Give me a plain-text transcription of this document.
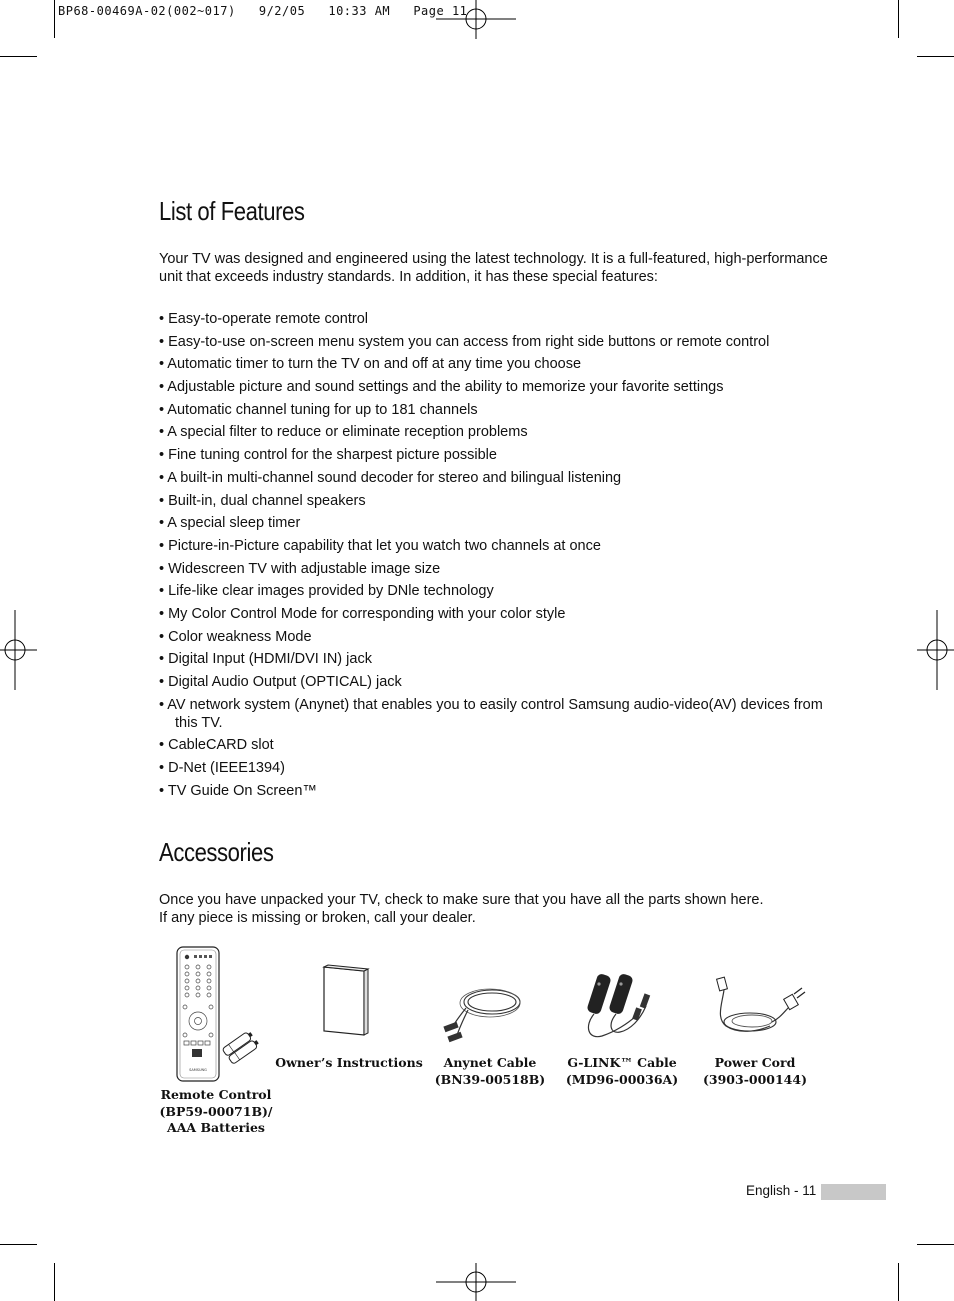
BP68-00469A-02(002~017)   9/2/05   10:33 AM   Page 11
List of Features

Your TV was designed and engineered using the latest technology. It is a full-featured, high-performance unit that exceeds industry standards. In addition, it has these special features:

• Easy-to-operate remote control
• Easy-to-use on-screen menu system you can access from right side buttons or remote control
• Automatic timer to turn the TV on and off at any time you choose
• Adjustable picture and sound settings and the ability to memorize your favorite settings
• Automatic channel tuning for up to 181 channels
• A special filter to reduce or eliminate reception problems
• Fine tuning control for the sharpest picture possible
• A built-in multi-channel sound decoder for stereo and bilingual listening
• Built-in, dual channel speakers
• A special sleep timer
• Picture-in-Picture capability that let you watch two channels at once
• Widescreen TV with adjustable image size
• Life-like clear images provided by DNle technology
• My Color Control Mode for corresponding with your color style
• Color weakness Mode
• Digital Input (HDMI/DVI IN) jack
• Digital Audio Output (OPTICAL) jack
• AV network system (Anynet) that enables you to easily control Samsung audio-video(AV) devices from this TV.
• CableCARD slot
• D-Net (IEEE1394)
• TV Guide On Screen™
Accessories

Once you have unpacked your TV, check to make sure that you have all the parts shown here.

If any piece is missing or broken, call your dealer.

SAMSUNG
Remote Control
(BP59-00071B)/
AAA Batteries
Owner’s Instructions	Anynet Cable
(BN39-00518B)
G-LINK™ Cable
(MD96-00036A)
Power Cord
(3903-000144)
English - 11
